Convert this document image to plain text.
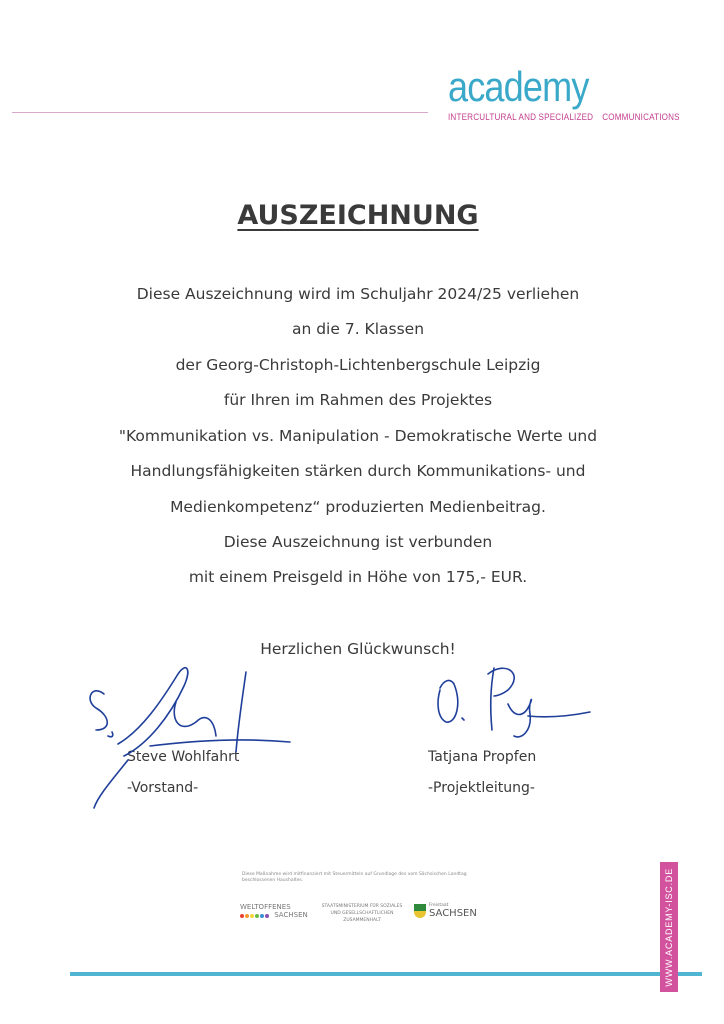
academy
INTERCULTURAL AND SPECIALIZED COMMUNICATIONS
AUSZEICHNUNG
Diese Auszeichnung wird im Schuljahr 2024/25 verliehen
an die 7. Klassen
der Georg-Christoph-Lichtenbergschule Leipzig
für Ihren im Rahmen des Projektes
"Kommunikation vs. Manipulation - Demokratische Werte und
Handlungsfähigkeiten stärken durch Kommunikations- und
Medienkompetenz“ produzierten Medienbeitrag.
Diese Auszeichnung ist verbunden
mit einem Preisgeld in Höhe von 175,- EUR.
Herzlichen Glückwunsch!
Steve Wohlfahrt
-Vorstand-
Tatjana Propfen
-Projektleitung-
Diese Maßnahme wird mitfinanziert mit Steuermitteln auf Grundlage des vom Sächsischen Landtag beschlossenen Haushaltes.
WELTOFFENES
SACHSEN
STAATSMINISTERIUM FÜR SOZIALES
UND GESELLSCHAFTLICHEN
ZUSAMMENHALT
Freistaat
SACHSEN	WWW.ACADEMY-ISC.DE
